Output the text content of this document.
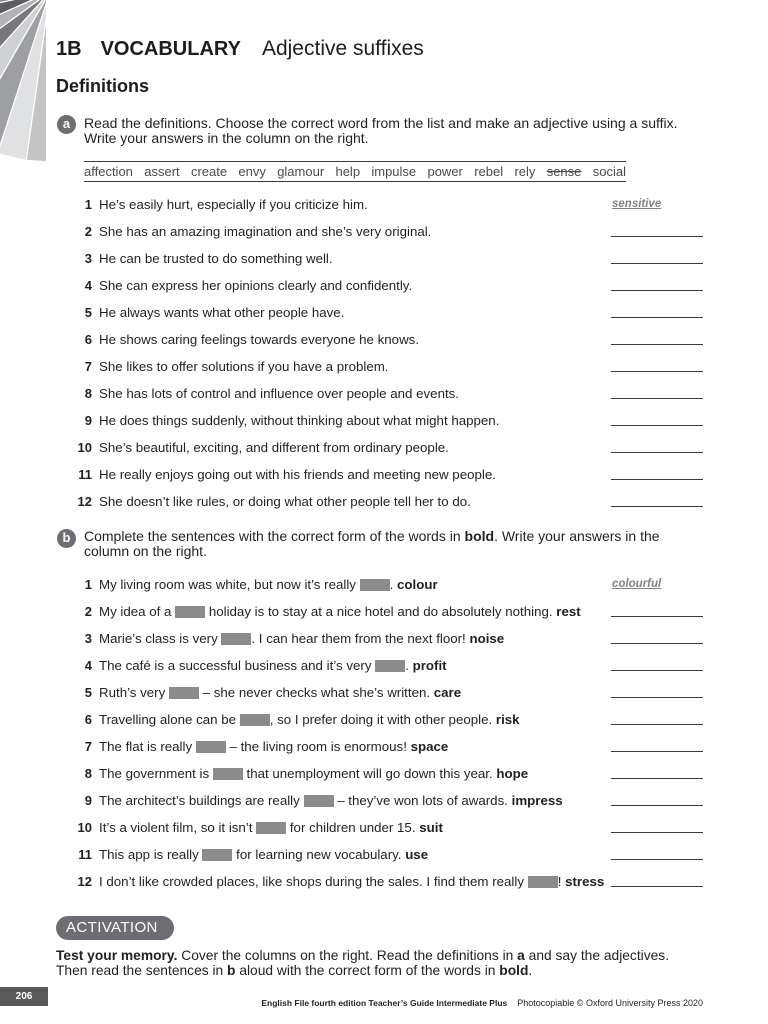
1B VOCABULARY Adjective suffixes
Definitions
a Read the definitions. Choose the correct word from the list and make an adjective using a suffix.
Write your answers in the column on the right.
affection assert create envy glamour help impulse power rebel rely sense social
1 He’s easily hurt, especially if you criticize him.	sensitive
2 She has an amazing imagination and she’s very original.
3 He can be trusted to do something well.
4 She can express her opinions clearly and confidently.
5 He always wants what other people have.
6 He shows caring feelings towards everyone he knows.
7 She likes to offer solutions if you have a problem.
8 She has lots of control and influence over people and events.
9 He does things suddenly, without thinking about what might happen.
10 She’s beautiful, exciting, and different from ordinary people.
11 He really enjoys going out with his friends and meeting new people.
12 She doesn’t like rules, or doing what other people tell her to do.
b Complete the sentences with the correct form of the words in bold. Write your answers in the column on the right.
1 My living room was white, but now it’s really	. colour	colourful
2 My idea of a	holiday is to stay at a nice hotel and do absolutely nothing. rest
3 Marie’s class is very	. I can hear them from the next floor! noise
4 The café is a successful business and it’s very	. profit
5 Ruth’s very	– she never checks what she’s written. care
6 Travelling alone can be	, so I prefer doing it with other people. risk
7 The flat is really	– the living room is enormous! space
8 The government is	that unemployment will go down this year. hope
9 The architect’s buildings are really	– they’ve won lots of awards. impress
10 It’s a violent film, so it isn’t	for children under 15. suit
11 This app is really	for learning new vocabulary. use
12 I don’t like crowded places, like shops during the sales. I find them really	! stress
ACTIVATION
Test your memory. Cover the columns on the right. Read the definitions in a and say the adjectives.
Then read the sentences in b aloud with the correct form of the words in bold.
206
English File fourth edition Teacher’s Guide Intermediate Plus Photocopiable © Oxford University Press 2020
